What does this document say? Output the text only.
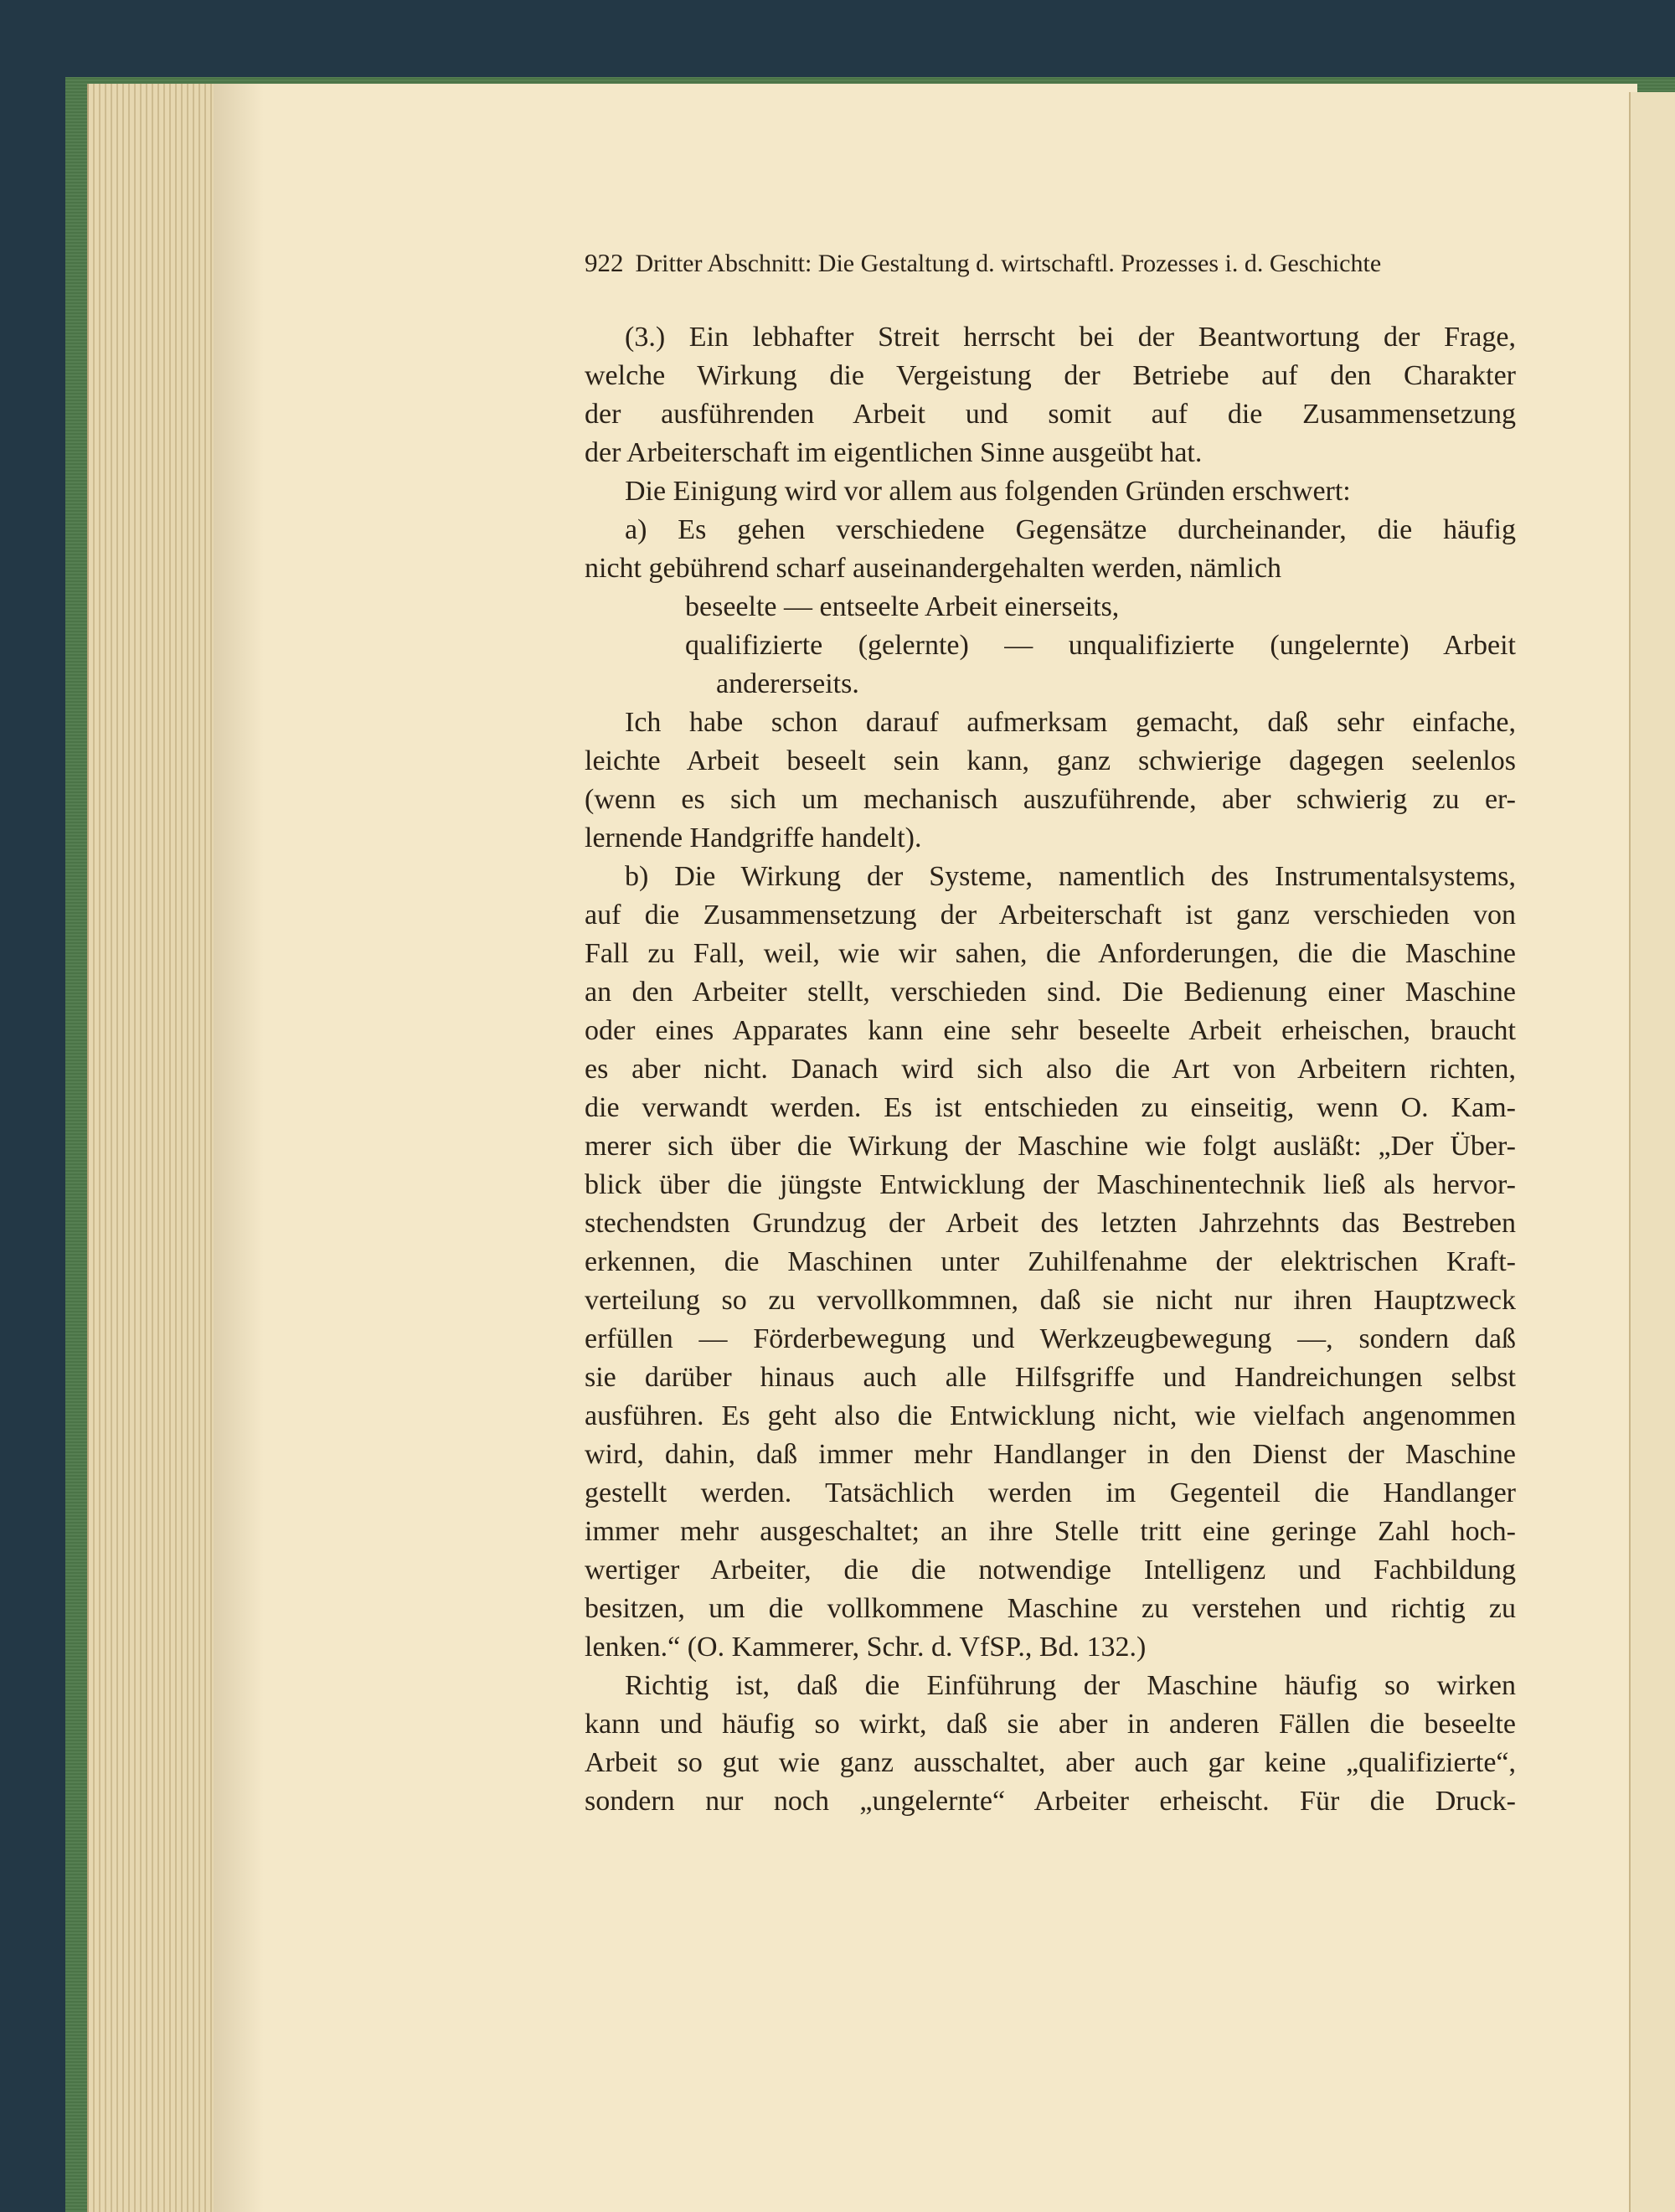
922 Dritter Abschnitt: Die Gestaltung d. wirtschaftl. Prozesses i. d. Geschichte
(3.) Ein lebhafter Streit herrscht bei der Beantwortung der Frage,
welche Wirkung die Vergeistung der Betriebe auf den Charakter
der ausführenden Arbeit und somit auf die Zusammensetzung
der Arbeiterschaft im eigentlichen Sinne ausgeübt hat.
Die Einigung wird vor allem aus folgenden Gründen erschwert:
a) Es gehen verschiedene Gegensätze durcheinander, die häufig
nicht gebührend scharf auseinandergehalten werden, nämlich
beseelte — entseelte Arbeit einerseits,
qualifizierte (gelernte) — unqualifizierte (ungelernte) Arbeit
andererseits.
Ich habe schon darauf aufmerksam gemacht, daß sehr einfache,
leichte Arbeit beseelt sein kann, ganz schwierige dagegen seelenlos
(wenn es sich um mechanisch auszuführende, aber schwierig zu er-
lernende Handgriffe handelt).
b) Die Wirkung der Systeme, namentlich des Instrumentalsystems,
auf die Zusammensetzung der Arbeiterschaft ist ganz verschieden von
Fall zu Fall, weil, wie wir sahen, die Anforderungen, die die Maschine
an den Arbeiter stellt, verschieden sind. Die Bedienung einer Maschine
oder eines Apparates kann eine sehr beseelte Arbeit erheischen, braucht
es aber nicht. Danach wird sich also die Art von Arbeitern richten,
die verwandt werden. Es ist entschieden zu einseitig, wenn O. Kam-
merer sich über die Wirkung der Maschine wie folgt ausläßt: „Der Über-
blick über die jüngste Entwicklung der Maschinentechnik ließ als hervor-
stechendsten Grundzug der Arbeit des letzten Jahrzehnts das Bestreben
erkennen, die Maschinen unter Zuhilfenahme der elektrischen Kraft-
verteilung so zu vervollkommnen, daß sie nicht nur ihren Hauptzweck
erfüllen — Förderbewegung und Werkzeugbewegung —, sondern daß
sie darüber hinaus auch alle Hilfsgriffe und Handreichungen selbst
ausführen. Es geht also die Entwicklung nicht, wie vielfach angenommen
wird, dahin, daß immer mehr Handlanger in den Dienst der Maschine
gestellt werden. Tatsächlich werden im Gegenteil die Handlanger
immer mehr ausgeschaltet; an ihre Stelle tritt eine geringe Zahl hoch-
wertiger Arbeiter, die die notwendige Intelligenz und Fachbildung
besitzen, um die vollkommene Maschine zu verstehen und richtig zu
lenken.“ (O. Kammerer, Schr. d. VfSP., Bd. 132.)
Richtig ist, daß die Einführung der Maschine häufig so wirken
kann und häufig so wirkt, daß sie aber in anderen Fällen die beseelte
Arbeit so gut wie ganz ausschaltet, aber auch gar keine „qualifizierte“,
sondern nur noch „ungelernte“ Arbeiter erheischt. Für die Druck-
